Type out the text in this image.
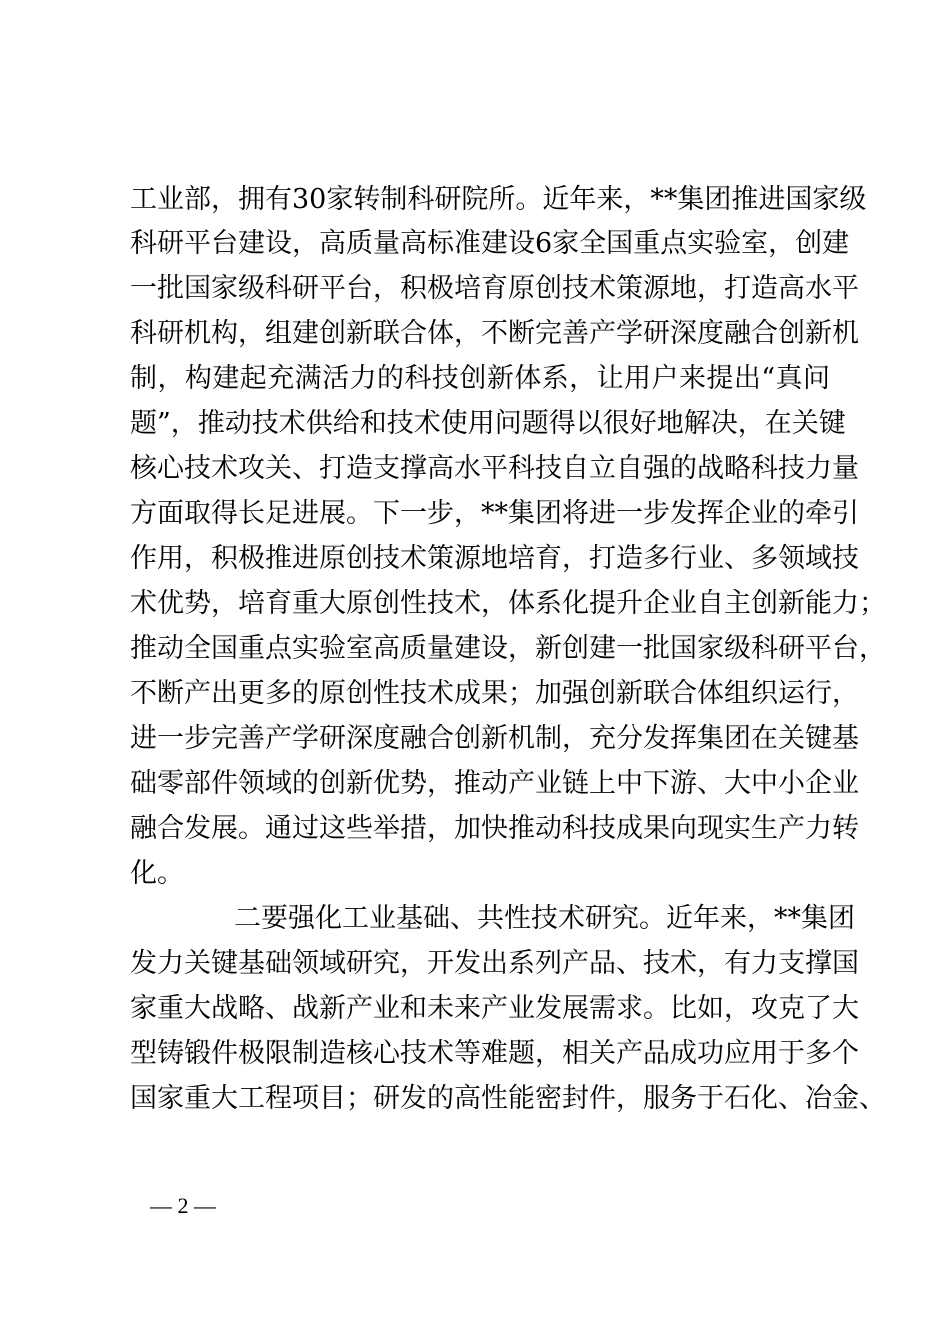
工业部，拥有30家转制科研院所。近年来，**集团推进国家级
科研平台建设，高质量高标准建设6家全国重点实验室，创建
一批国家级科研平台，积极培育原创技术策源地，打造高水平
科研机构，组建创新联合体，不断完善产学研深度融合创新机
制，构建起充满活力的科技创新体系，让用户来提出“真问
题”，推动技术供给和技术使用问题得以很好地解决，在关键
核心技术攻关、打造支撑高水平科技自立自强的战略科技力量
方面取得长足进展。下一步，**集团将进一步发挥企业的牵引
作用，积极推进原创技术策源地培育，打造多行业、多领域技
术优势，培育重大原创性技术，体系化提升企业自主创新能力；
推动全国重点实验室高质量建设，新创建一批国家级科研平台，
不断产出更多的原创性技术成果；加强创新联合体组织运行，
进一步完善产学研深度融合创新机制，充分发挥集团在关键基
础零部件领域的创新优势，推动产业链上中下游、大中小企业
融合发展。通过这些举措，加快推动科技成果向现实生产力转
化。
二要强化工业基础、共性技术研究。近年来，**集团
发力关键基础领域研究，开发出系列产品、技术，有力支撑国
家重大战略、战新产业和未来产业发展需求。比如，攻克了大
型铸锻件极限制造核心技术等难题，相关产品成功应用于多个
国家重大工程项目；研发的高性能密封件，服务于石化、冶金、
— 2 —
